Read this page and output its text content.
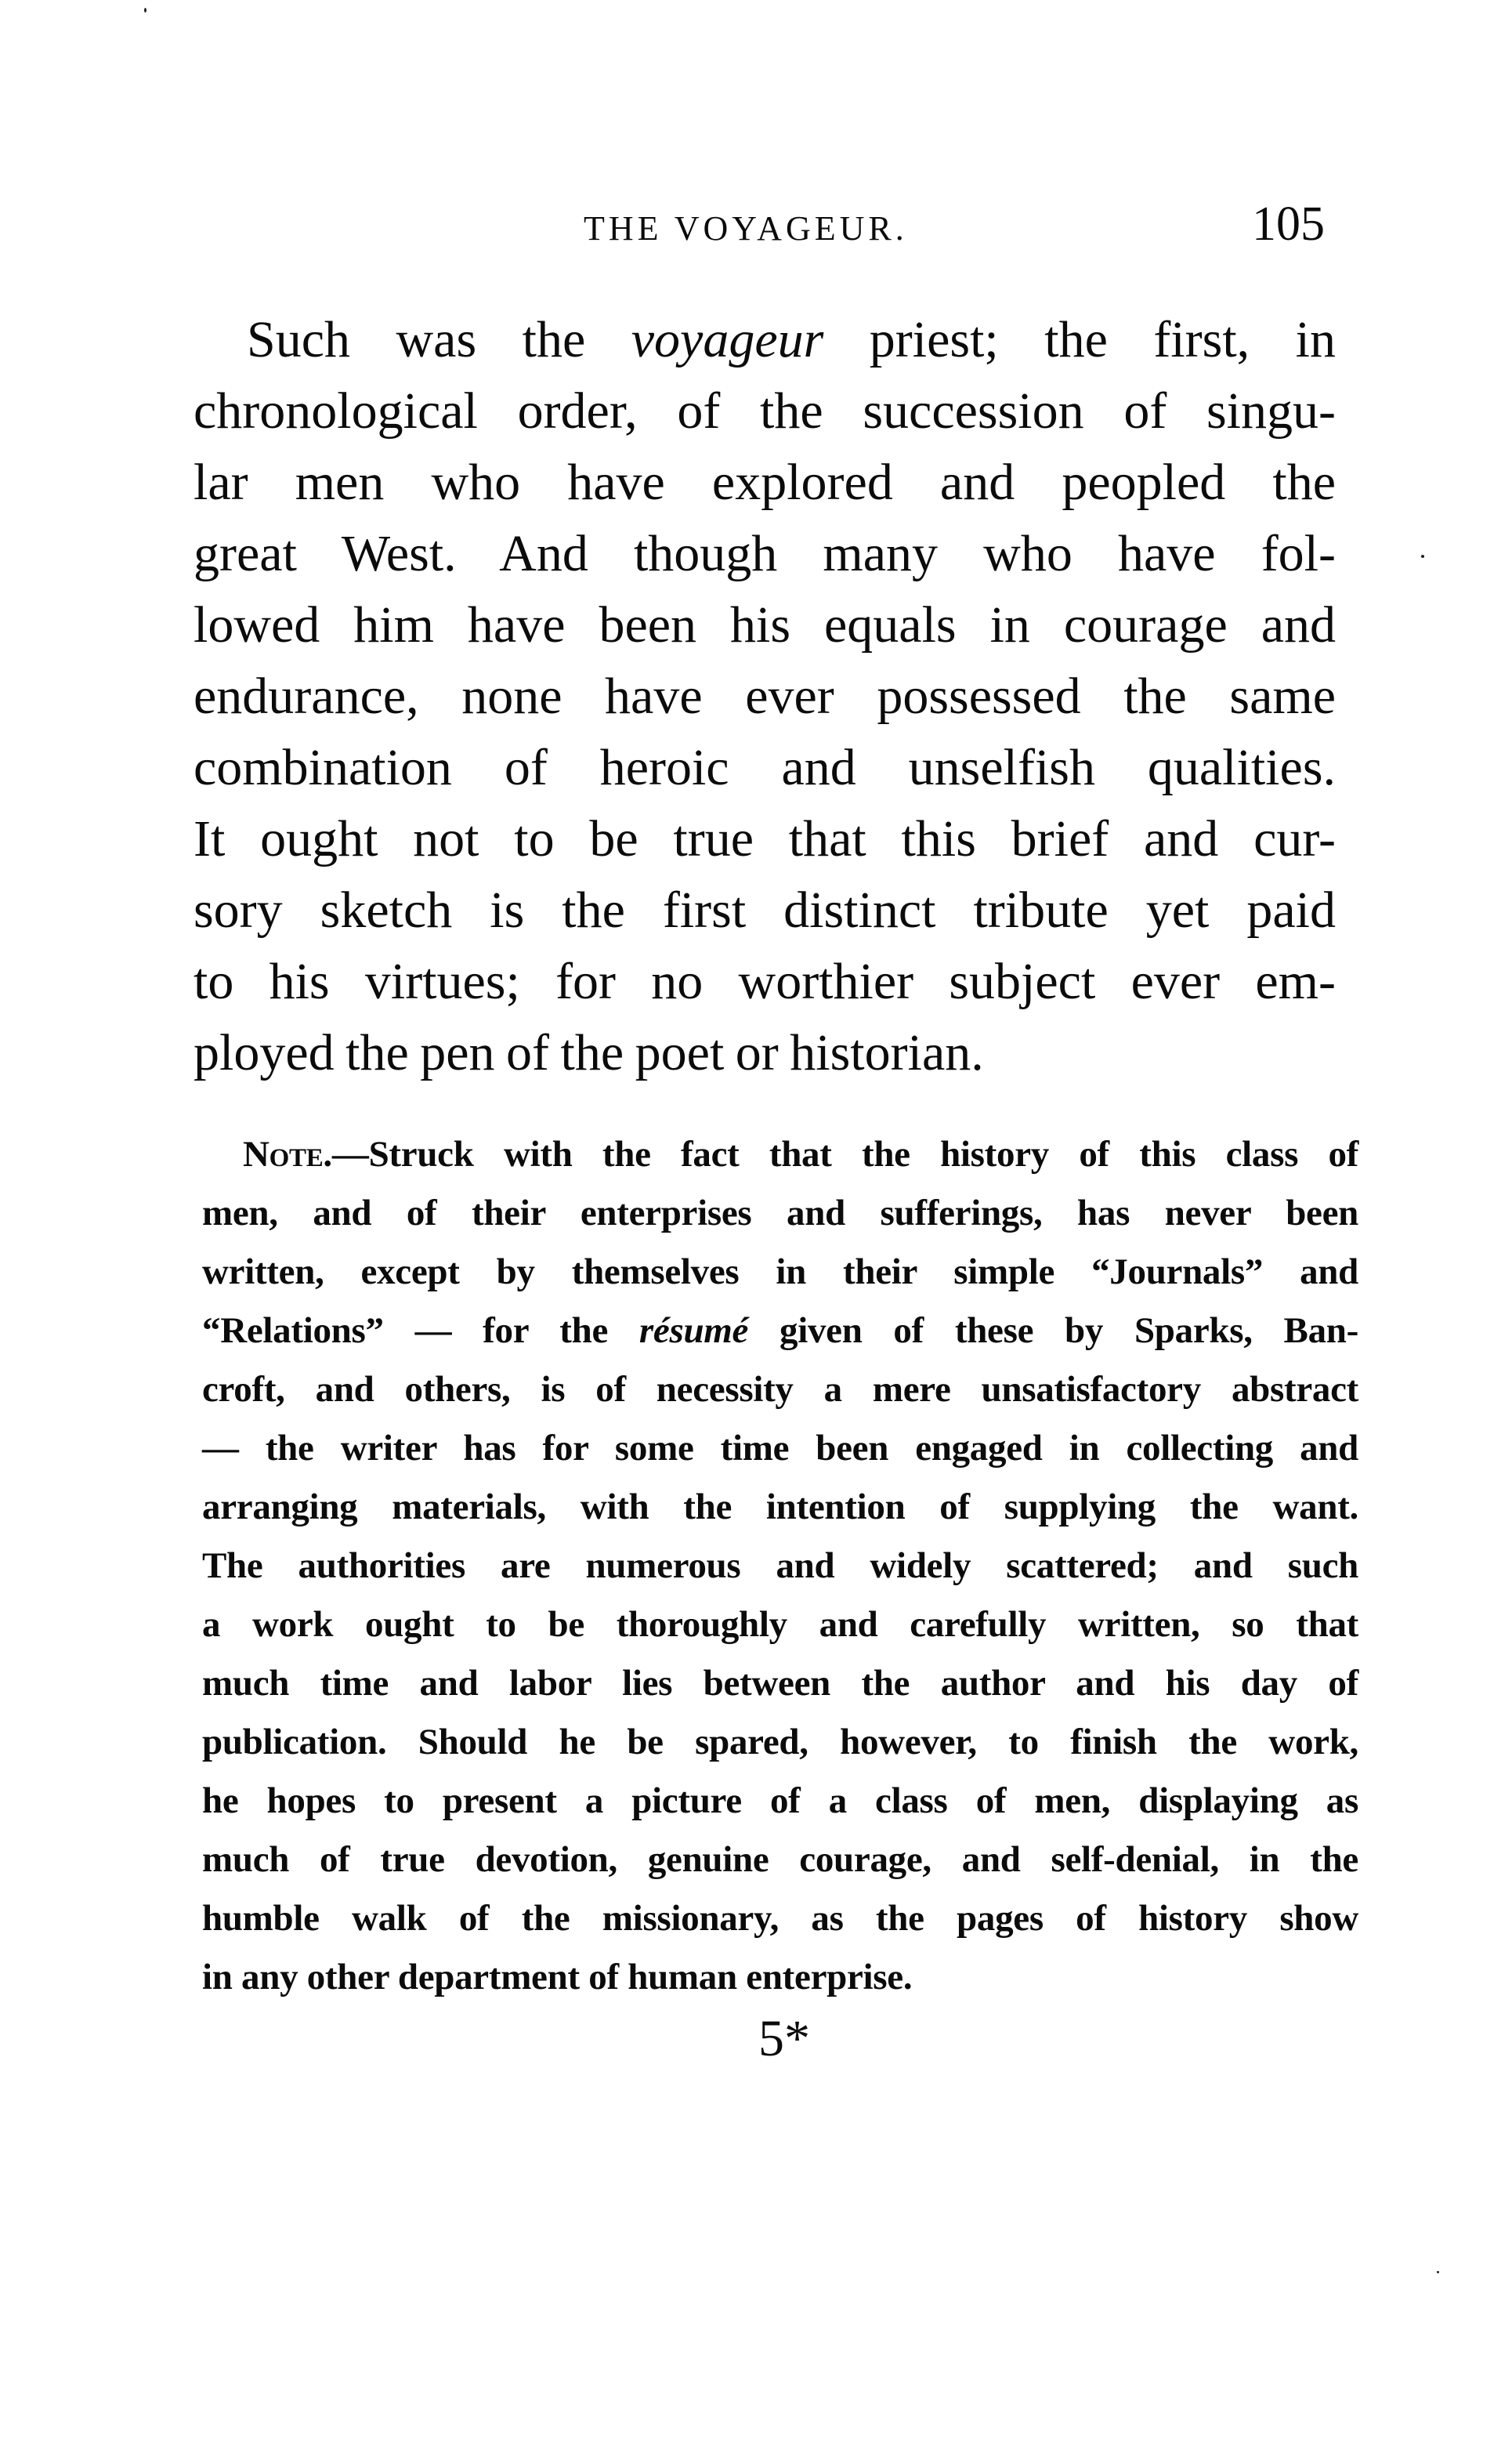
THE VOYAGEUR.	105
Such was the voyageur priest; the first, in
chronological order, of the succession of singu-
lar men who have explored and peopled the
great West. And though many who have fol-
lowed him have been his equals in courage and
endurance, none have ever possessed the same
combination of heroic and unselfish qualities.
It ought not to be true that this brief and cur-
sory sketch is the first distinct tribute yet paid
to his virtues; for no worthier subject ever em-
ployed the pen of the poet or historian.
Note.—Struck with the fact that the history of this class of
men, and of their enterprises and sufferings, has never been
written, except by themselves in their simple “Journals” and
“Relations” — for the résumé given of these by Sparks, Ban-
croft, and others, is of necessity a mere unsatisfactory abstract
— the writer has for some time been engaged in collecting and
arranging materials, with the intention of supplying the want.
The authorities are numerous and widely scattered; and such
a work ought to be thoroughly and carefully written, so that
much time and labor lies between the author and his day of
publication. Should he be spared, however, to finish the work,
he hopes to present a picture of a class of men, displaying as
much of true devotion, genuine courage, and self-denial, in the
humble walk of the missionary, as the pages of history show
in any other department of human enterprise.
5*
